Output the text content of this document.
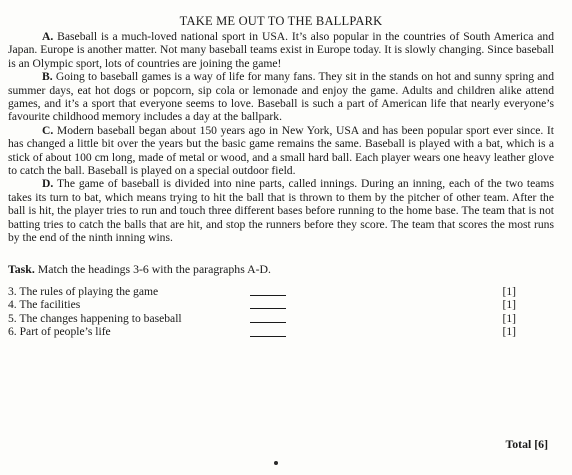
TAKE ME OUT TO THE BALLPARK

A. Baseball is a much-loved national sport in USA. It’s also popular in the countries of South America and Japan. Europe is another matter. Not many baseball teams exist in Europe today. It is slowly changing. Since baseball is an Olympic sport, lots of countries are joining the game!

B. Going to baseball games is a way of life for many fans. They sit in the stands on hot and sunny spring and summer days, eat hot dogs or popcorn, sip cola or lemonade and enjoy the game. Adults and children alike attend games, and it’s a sport that everyone seems to love. Baseball is such a part of American life that nearly everyone’s favourite childhood memory includes a day at the ballpark.

C. Modern baseball began about 150 years ago in New York, USA and has been popular sport ever since. It has changed a little bit over the years but the basic game remains the same. Baseball is played with a bat, which is a stick of about 100 cm long, made of metal or wood, and a small hard ball. Each player wears one heavy leather glove to catch the ball. Baseball is played on a special outdoor field.

D. The game of baseball is divided into nine parts, called innings. During an inning, each of the two teams takes its turn to bat, which means trying to hit the ball that is thrown to them by the pitcher of other team. After the ball is hit, the player tries to run and touch three different bases before running to the home base. The team that is not batting tries to catch the balls that are hit, and stop the runners before they score. The team that scores the most runs by the end of the ninth inning wins.

Task. Match the headings 3-6 with the paragraphs A-D.
3. The rules of playing the game	[1]
4. The facilities	[1]
5. The changes happening to baseball	[1]
6. Part of people’s life	[1]
Total [6]
